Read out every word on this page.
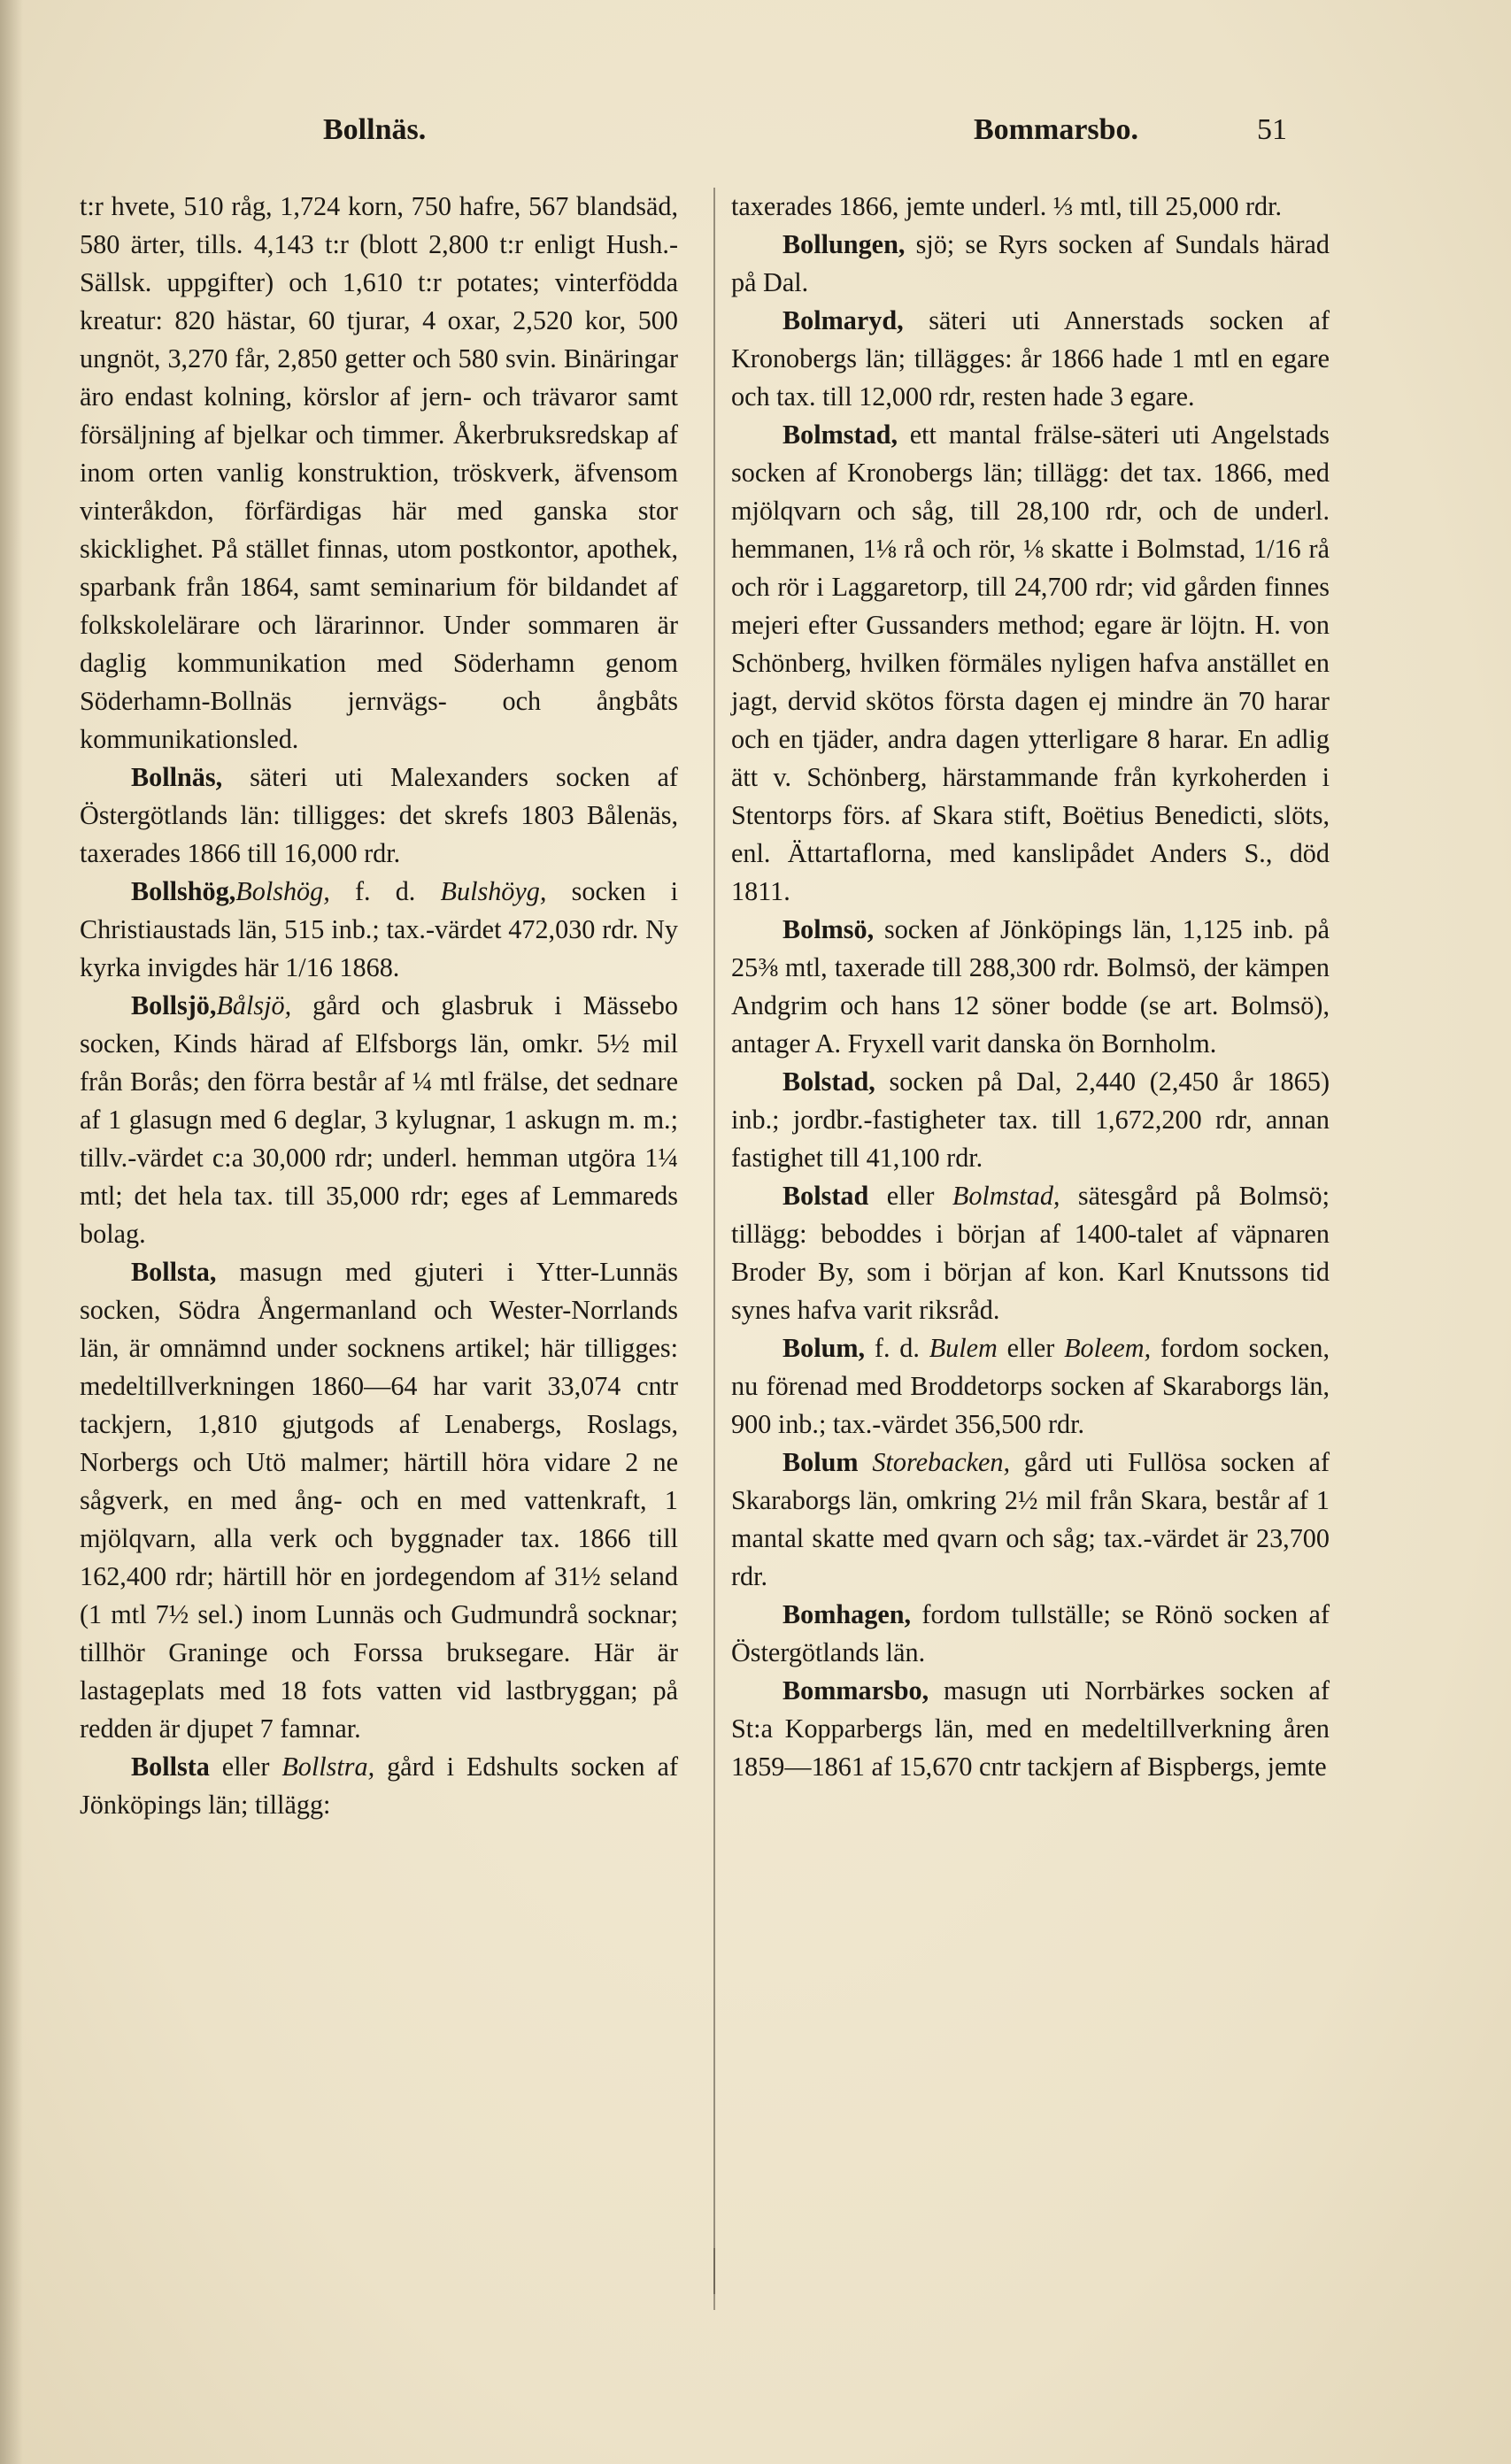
Bollnäs.	Bommarsbo.	51

t:r hvete, 510 råg, 1,724 korn, 750 hafre, 567 blandsäd, 580 ärter, tills. 4,143 t:r (blott 2,800 t:r enligt Hush.-Sällsk. uppgifter) och 1,610 t:r potates; vinterfödda kreatur: 820 hästar, 60 tjurar, 4 oxar, 2,520 kor, 500 ungnöt, 3,270 får, 2,850 getter och 580 svin. Binäringar äro endast kolning, körslor af jern- och trävaror samt försäljning af bjelkar och timmer. Åkerbruksredskap af inom orten vanlig konstruktion, tröskverk, äfvensom vinteråkdon, förfärdigas här med ganska stor skicklighet. På stället finnas, utom postkontor, apothek, sparbank från 1864, samt seminarium för bildandet af folkskolelärare och lärarinnor. Under sommaren är daglig kommunikation med Söderhamn genom Söderhamn-Bollnäs jernvägs- och ångbåts kommunikationsled.

Bollnäs, säteri uti Malexanders socken af Östergötlands län: tilligges: det skrefs 1803 Bålenäs, taxerades 1866 till 16,000 rdr.

Bollshög,Bolshög, f. d. Bulshöyg, socken i Christiaustads län, 515 inb.; tax.-värdet 472,030 rdr. Ny kyrka invigdes här 1/16 1868.

Bollsjö,Bålsjö, gård och glasbruk i Mässebo socken, Kinds härad af Elfsborgs län, omkr. 5½ mil från Borås; den förra består af ¼ mtl frälse, det sednare af 1 glasugn med 6 deglar, 3 kylugnar, 1 askugn m. m.; tillv.-värdet c:a 30,000 rdr; underl. hemman utgöra 1¼ mtl; det hela tax. till 35,000 rdr; eges af Lemmareds bolag.

Bollsta, masugn med gjuteri i Ytter-Lunnäs socken, Södra Ångermanland och Wester-Norrlands län, är omnämnd under socknens artikel; här tilligges: medeltillverkningen 1860—64 har varit 33,074 cntr tackjern, 1,810 gjutgods af Lenabergs, Roslags, Norbergs och Utö malmer; härtill höra vidare 2 ne sågverk, en med ång- och en med vattenkraft, 1 mjölqvarn, alla verk och byggnader tax. 1866 till 162,400 rdr; härtill hör en jordegendom af 31½ seland (1 mtl 7½ sel.) inom Lunnäs och Gudmundrå socknar; tillhör Graninge och Forssa bruksegare. Här är lastageplats med 18 fots vatten vid lastbryggan; på redden är djupet 7 famnar.

Bollsta eller Bollstra, gård i Edshults socken af Jönköpings län; tillägg:

taxerades 1866, jemte underl. ⅓ mtl, till 25,000 rdr.

Bollungen, sjö; se Ryrs socken af Sundals härad på Dal.

Bolmaryd, säteri uti Annerstads socken af Kronobergs län; tillägges: år 1866 hade 1 mtl en egare och tax. till 12,000 rdr, resten hade 3 egare.

Bolmstad, ett mantal frälse-säteri uti Angelstads socken af Kronobergs län; tillägg: det tax. 1866, med mjölqvarn och såg, till 28,100 rdr, och de underl. hemmanen, 1⅛ rå och rör, ⅛ skatte i Bolmstad, 1/16 rå och rör i Laggaretorp, till 24,700 rdr; vid gården finnes mejeri efter Gussanders method; egare är löjtn. H. von Schönberg, hvilken förmäles nyligen hafva anstället en jagt, dervid skötos första dagen ej mindre än 70 harar och en tjäder, andra dagen ytterligare 8 harar. En adlig ätt v. Schönberg, härstammande från kyrkoherden i Stentorps förs. af Skara stift, Boëtius Benedicti, slöts, enl. Ättartaflorna, med kansliрådet Anders S., död 1811.

Bolmsö, socken af Jönköpings län, 1,125 inb. på 25⅜ mtl, taxerade till 288,300 rdr. Bolmsö, der kämpen Andgrim och hans 12 söner bodde (se art. Bolmsö), antager A. Fryxell varit danska ön Bornholm.

Bolstad, socken på Dal, 2,440 (2,450 år 1865) inb.; jordbr.-fastigheter tax. till 1,672,200 rdr, annan fastighet till 41,100 rdr.

Bolstad eller Bolmstad, sätesgård på Bolmsö; tillägg: beboddes i början af 1400-talet af väpnaren Broder By, som i början af kon. Karl Knutssons tid synes hafva varit riksråd.

Bolum, f. d. Bulem eller Boleem, fordom socken, nu förenad med Broddetorps socken af Skaraborgs län, 900 inb.; tax.-värdet 356,500 rdr.

Bolum Storebacken, gård uti Fullösa socken af Skaraborgs län, omkring 2½ mil från Skara, består af 1 mantal skatte med qvarn och såg; tax.-värdet är 23,700 rdr.

Bomhagen, fordom tullställe; se Rönö socken af Östergötlands län.

Bommarsbo, masugn uti Norrbärkes socken af St:a Kopparbergs län, med en medeltillverkning åren 1859—1861 af 15,670 cntr tackjern af Bispbergs, jemte
